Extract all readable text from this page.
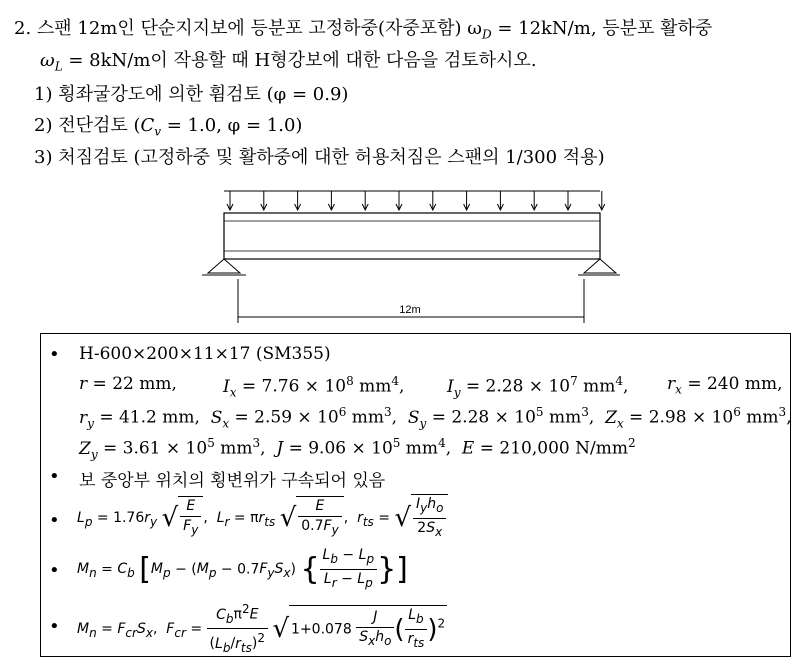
2. 스팬 12m인 단순지지보에 등분포 고정하중(자중포함) $\omega_D = 12kN/m$, 등분포 활하중
$\omega_L = 8kN/m$이 작용할 때 H형강보에 대한 다음을 검토하시오.
1) 횡좌굴강도에 의한 휨검토 (φ = 0.9)
2) 전단검토 ($C_v = 1.0$, φ = 1.0)
3) 처짐검토 (고정하중 및 활하중에 대한 허용처짐은 스팬의 1/300 적용)
12m
• H-600×200×11×17 (SM355)
r = 22 mm,	$I_x = 7.76 \times 10^8$ $mm^4$,	$I_y = 2.28 \times 10^7$ $mm^4$, $r_x = 240$ mm,
$r_y = 41.2$ mm,  $S_x = 2.59 \times 10^6$ $mm^3$,  $S_y = 2.28 \times 10^5$ $mm^3$,  $Z_x = 2.98 \times 10^6$ $mm^3$,
$Z_y = 3.61 \times 10^5$ $mm^3$,  $J = 9.06 \times 10^5$ $mm^4$,  E = 210,000 $N/mm^2$
• 보 중앙부 위치의 횡변위가 구속되어 있음
• $L_p = 1.76r_y$ √ $\frac{E}{F_y}$ ,  $L_r = \pi r_{ts}$ √ $\frac{E}{0.7F_y}$ ,  $r_{ts}$ = √ $\frac{I_yh_o}{2S_x}$
• $M_n = C_b$ [$M_p - (M_p - 0.7F_yS_x)$ { $\frac{L_b - L_p}{L_r - L_p}$ }]
• $M_n = F_{cr}S_x$,  $F_{cr} = \frac{C_b\pi^2E}{(L_b/r_{ts})^2}$ √ $1+0.078 \frac{J}{S_xh_o}$ ( $\frac{L_b}{r_{ts}} )^2$
